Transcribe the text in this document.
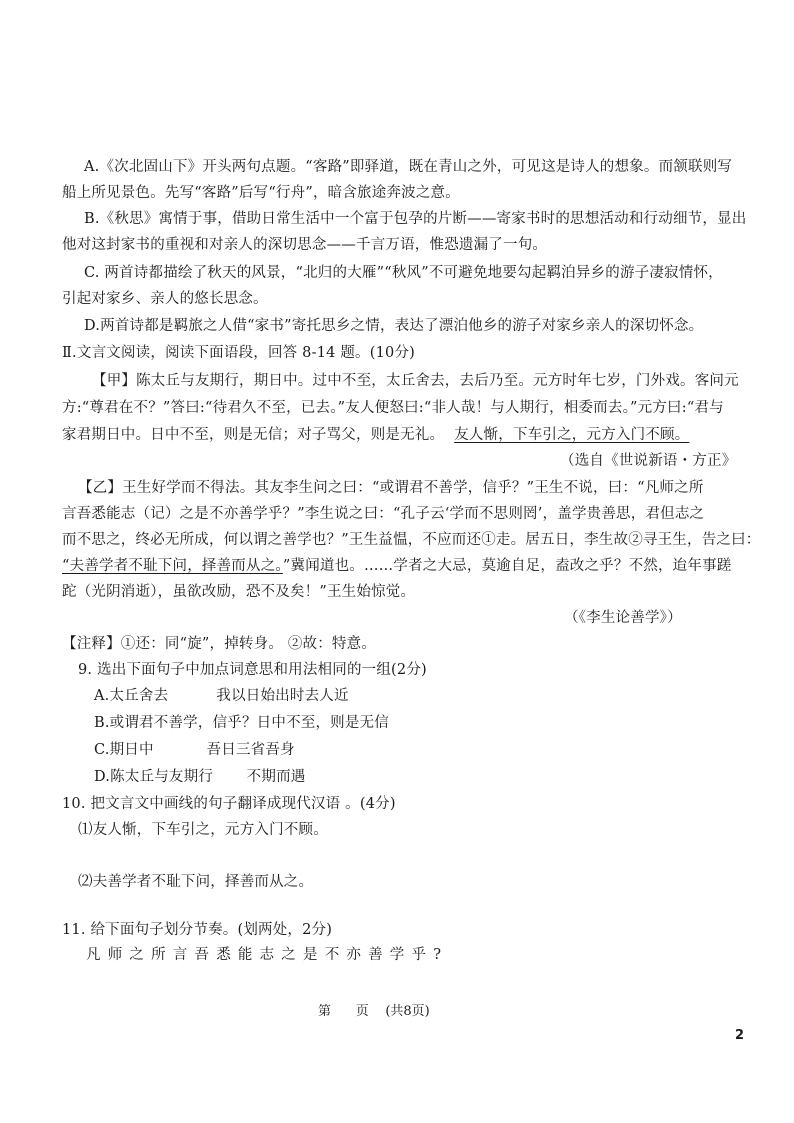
A.《次北固山下》开头两句点题。“客路”即驿道，既在青山之外，可见这是诗人的想象。而颔联则写
船上所见景色。先写“客路”后写“行舟”，暗含旅途奔波之意。
B.《秋思》寓情于事，借助日常生活中一个富于包孕的片断——寄家书时的思想活动和行动细节，显出
他对这封家书的重视和对亲人的深切思念——千言万语，惟恐遗漏了一句。
C. 两首诗都描绘了秋天的风景，“北归的大雁”“秋风”不可避免地要勾起羁泊异乡的游子凄寂情怀，
引起对家乡、亲人的悠长思念。
D.两首诗都是羁旅之人借“家书”寄托思乡之情，表达了漂泊他乡的游子对家乡亲人的深切怀念。
Ⅱ.文言文阅读，阅读下面语段，回答 8-14 题。(10分)
【甲】陈太丘与友期行，期日中。过中不至，太丘舍去，去后乃至。元方时年七岁，门外戏。客问元
方:“尊君在不？”答曰:“待君久不至，已去。”友人便怒曰:“非人哉！与人期行，相委而去。”元方曰:“君与
家君期日中。日中不至，则是无信；对子骂父，则是无礼。 友人惭，下车引之，元方入门不顾。
（选自《世说新语・方正》
【乙】王生好学而不得法。其友李生问之曰：“或谓君不善学，信乎？”王生不说，曰：“凡师之所
言吾悉能志（记）之是不亦善学乎？”李生说之曰：“孔子云‘学而不思则罔’，盖学贵善思，君但志之
而不思之，终必无所成，何以谓之善学也？”王生益愠，不应而还①走。居五日，李生故②寻王生，告之曰：
“夫善学者不耻下问，择善而从之。”冀闻道也。……学者之大忌，莫逾自足，盍改之乎？不然，迨年事蹉
跎（光阴消逝），虽欲改励，恐不及矣！”王生始惊觉。
（《李生论善学》）
【注释】①还：同“旋”，掉转身。 ②故：特意。
9. 选出下面句子中加点词意思和用法相同的一组(2分)
A.太丘舍去          我以日始出时去人近
B.或谓君不善学，信乎？日中不至，则是无信
C.期日中           吾日三省吾身
D.陈太丘与友期行       不期而遇
10. 把文言文中画线的句子翻译成现代汉语 。(4分)
⑴友人惭，下车引之，元方入门不顾。
⑵夫善学者不耻下问，择善而从之。
11. 给下面句子划分节奏。(划两处，2分)
凡师之所言吾悉能志之是不亦善学乎?
第      页    (共8页)
2
